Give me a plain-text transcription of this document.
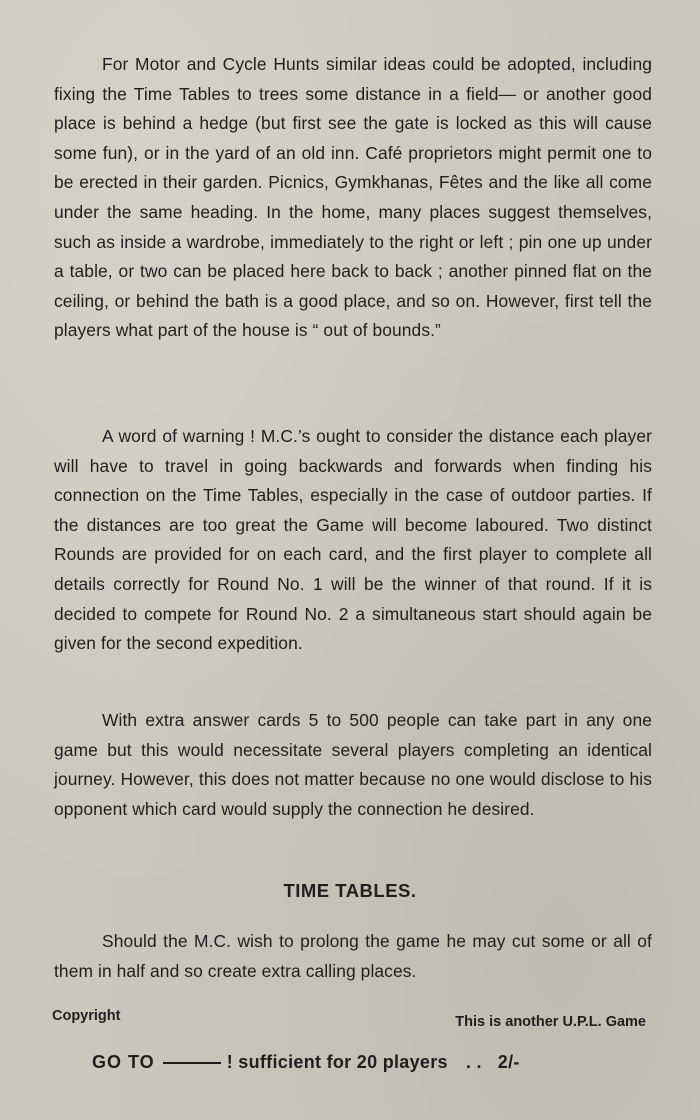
For Motor and Cycle Hunts similar ideas could be adopted, including fixing the Time Tables to trees some distance in a field— or another good place is behind a hedge (but first see the gate is locked as this will cause some fun), or in the yard of an old inn. Café proprietors might permit one to be erected in their garden. Picnics, Gymkhanas, Fêtes and the like all come under the same heading. In the home, many places suggest themselves, such as inside a wardrobe, immediately to the right or left ; pin one up under a table, or two can be placed here back to back ; another pinned flat on the ceiling, or behind the bath is a good place, and so on. However, first tell the players what part of the house is “ out of bounds.”

A word of warning ! M.C.’s ought to consider the distance each player will have to travel in going backwards and forwards when finding his connection on the Time Tables, especially in the case of outdoor parties. If the distances are too great the Game will become laboured. Two distinct Rounds are provided for on each card, and the first player to complete all details correctly for Round No. 1 will be the winner of that round. If it is decided to compete for Round No. 2 a simultaneous start should again be given for the second expedition.

With extra answer cards 5 to 500 people can take part in any one game but this would necessitate several players completing an identical journey. However, this does not matter because no one would disclose to his opponent which card would supply the connection he desired.

TIME TABLES.

Should the M.C. wish to prolong the game he may cut some or all of them in half and so create extra calling places.

Copyright	This is another U.P.L. Game
GO TO	! sufficient for 20 players . . 2/-
